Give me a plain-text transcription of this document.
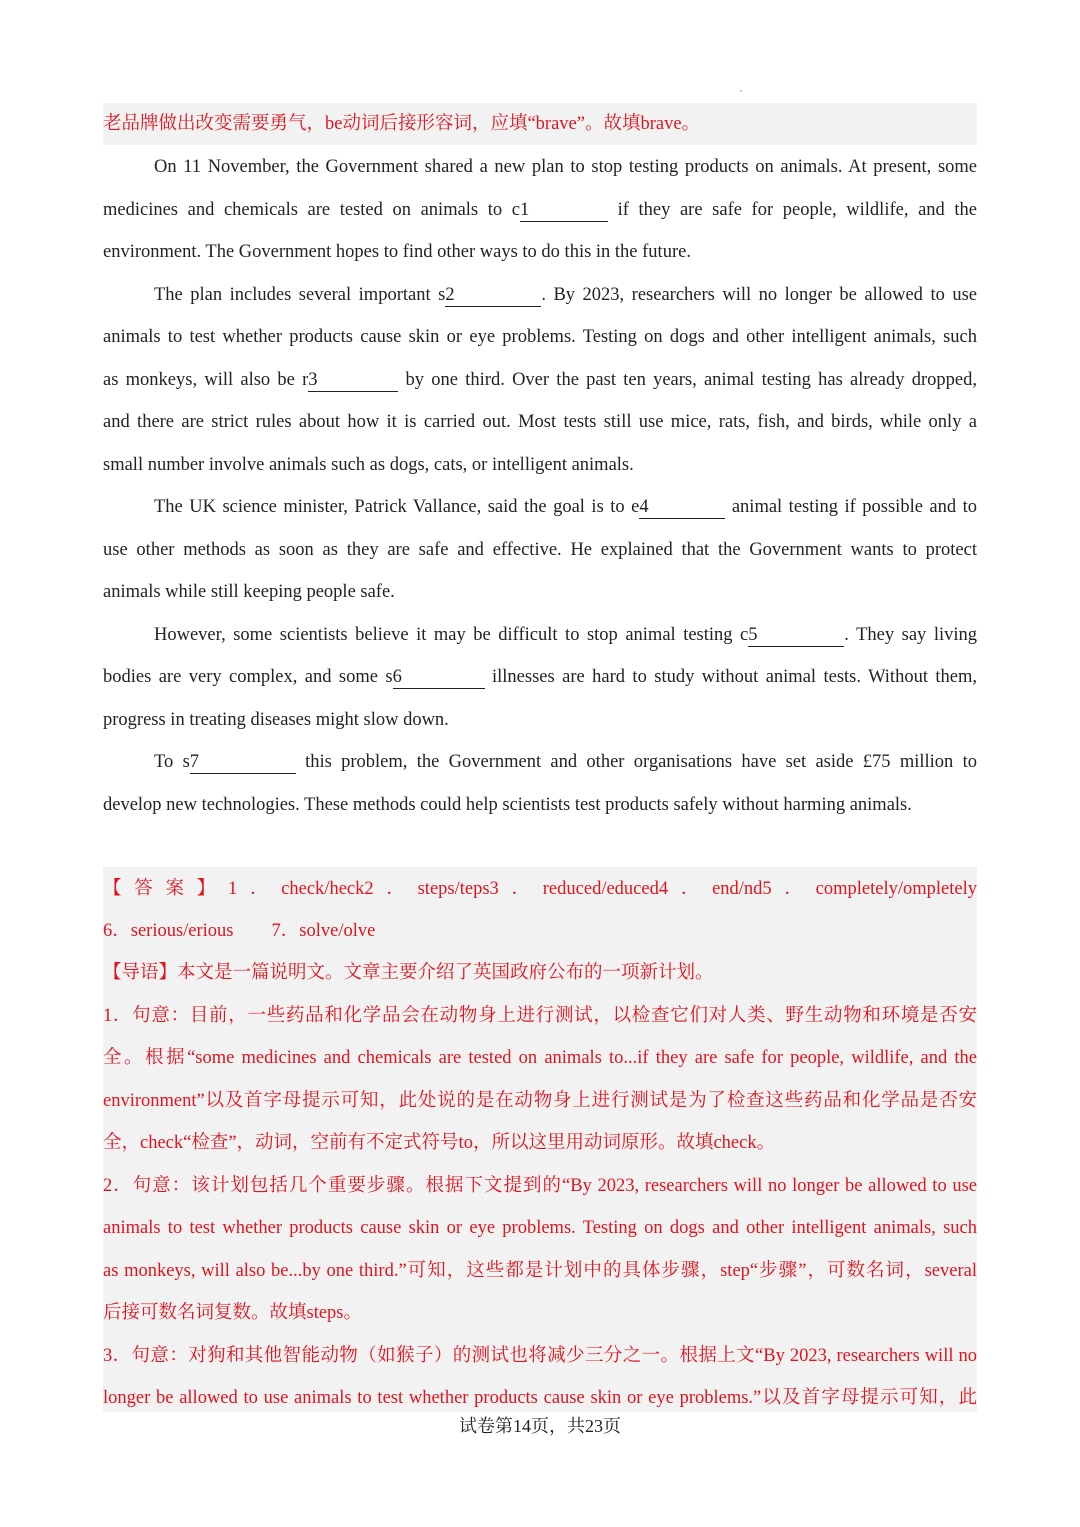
老品牌做出改变需要勇气，be动词后接形容词，应填“brave”。故填brave。
On 11 November, the Government shared a new plan to stop testing products on animals. At present, some
medicines and chemicals are tested on animals to c1	if they are safe for people, wildlife, and the
environment. The Government hopes to find other ways to do this in the future.
The plan includes several important s2	. By 2023, researchers will no longer be allowed to use
animals to test whether products cause skin or eye problems. Testing on dogs and other intelligent animals, such
as monkeys, will also be r3	by one third. Over the past ten years, animal testing has already dropped,
and there are strict rules about how it is carried out. Most tests still use mice, rats, fish, and birds, while only a
small number involve animals such as dogs, cats, or intelligent animals.
The UK science minister, Patrick Vallance, said the goal is to e4	animal testing if possible and to
use other methods as soon as they are safe and effective. He explained that the Government wants to protect
animals while still keeping people safe.
However, some scientists believe it may be difficult to stop animal testing c5	. They say living
bodies are very complex, and some s6	illnesses are hard to study without animal tests. Without them,
progress in treating diseases might slow down.
To s7	this problem, the Government and other organisations have set aside £75 million to
develop new technologies. These methods could help scientists test products safely without harming animals.
【答案】1．check/heck2．steps/teps3．reduced/educed4．end/nd5．completely/ompletely
6．serious/erious 7．solve/olve
【导语】本文是一篇说明文。文章主要介绍了英国政府公布的一项新计划。
1．句意：目前，一些药品和化学品会在动物身上进行测试，以检查它们对人类、野生动物和环境是否安
全。根据“some medicines and chemicals are tested on animals to...if they are safe for people, wildlife, and the
environment”以及首字母提示可知，此处说的是在动物身上进行测试是为了检查这些药品和化学品是否安
全，check“检查”，动词，空前有不定式符号to，所以这里用动词原形。故填check。
2．句意：该计划包括几个重要步骤。根据下文提到的“By 2023, researchers will no longer be allowed to use
animals to test whether products cause skin or eye problems. Testing on dogs and other intelligent animals, such
as monkeys, will also be...by one third.”可知，这些都是计划中的具体步骤，step“步骤”，可数名词，several
后接可数名词复数。故填steps。
3．句意：对狗和其他智能动物（如猴子）的测试也将减少三分之一。根据上文“By 2023, researchers will no
longer be allowed to use animals to test whether products cause skin or eye problems.”以及首字母提示可知，此
试卷第14页，共23页
